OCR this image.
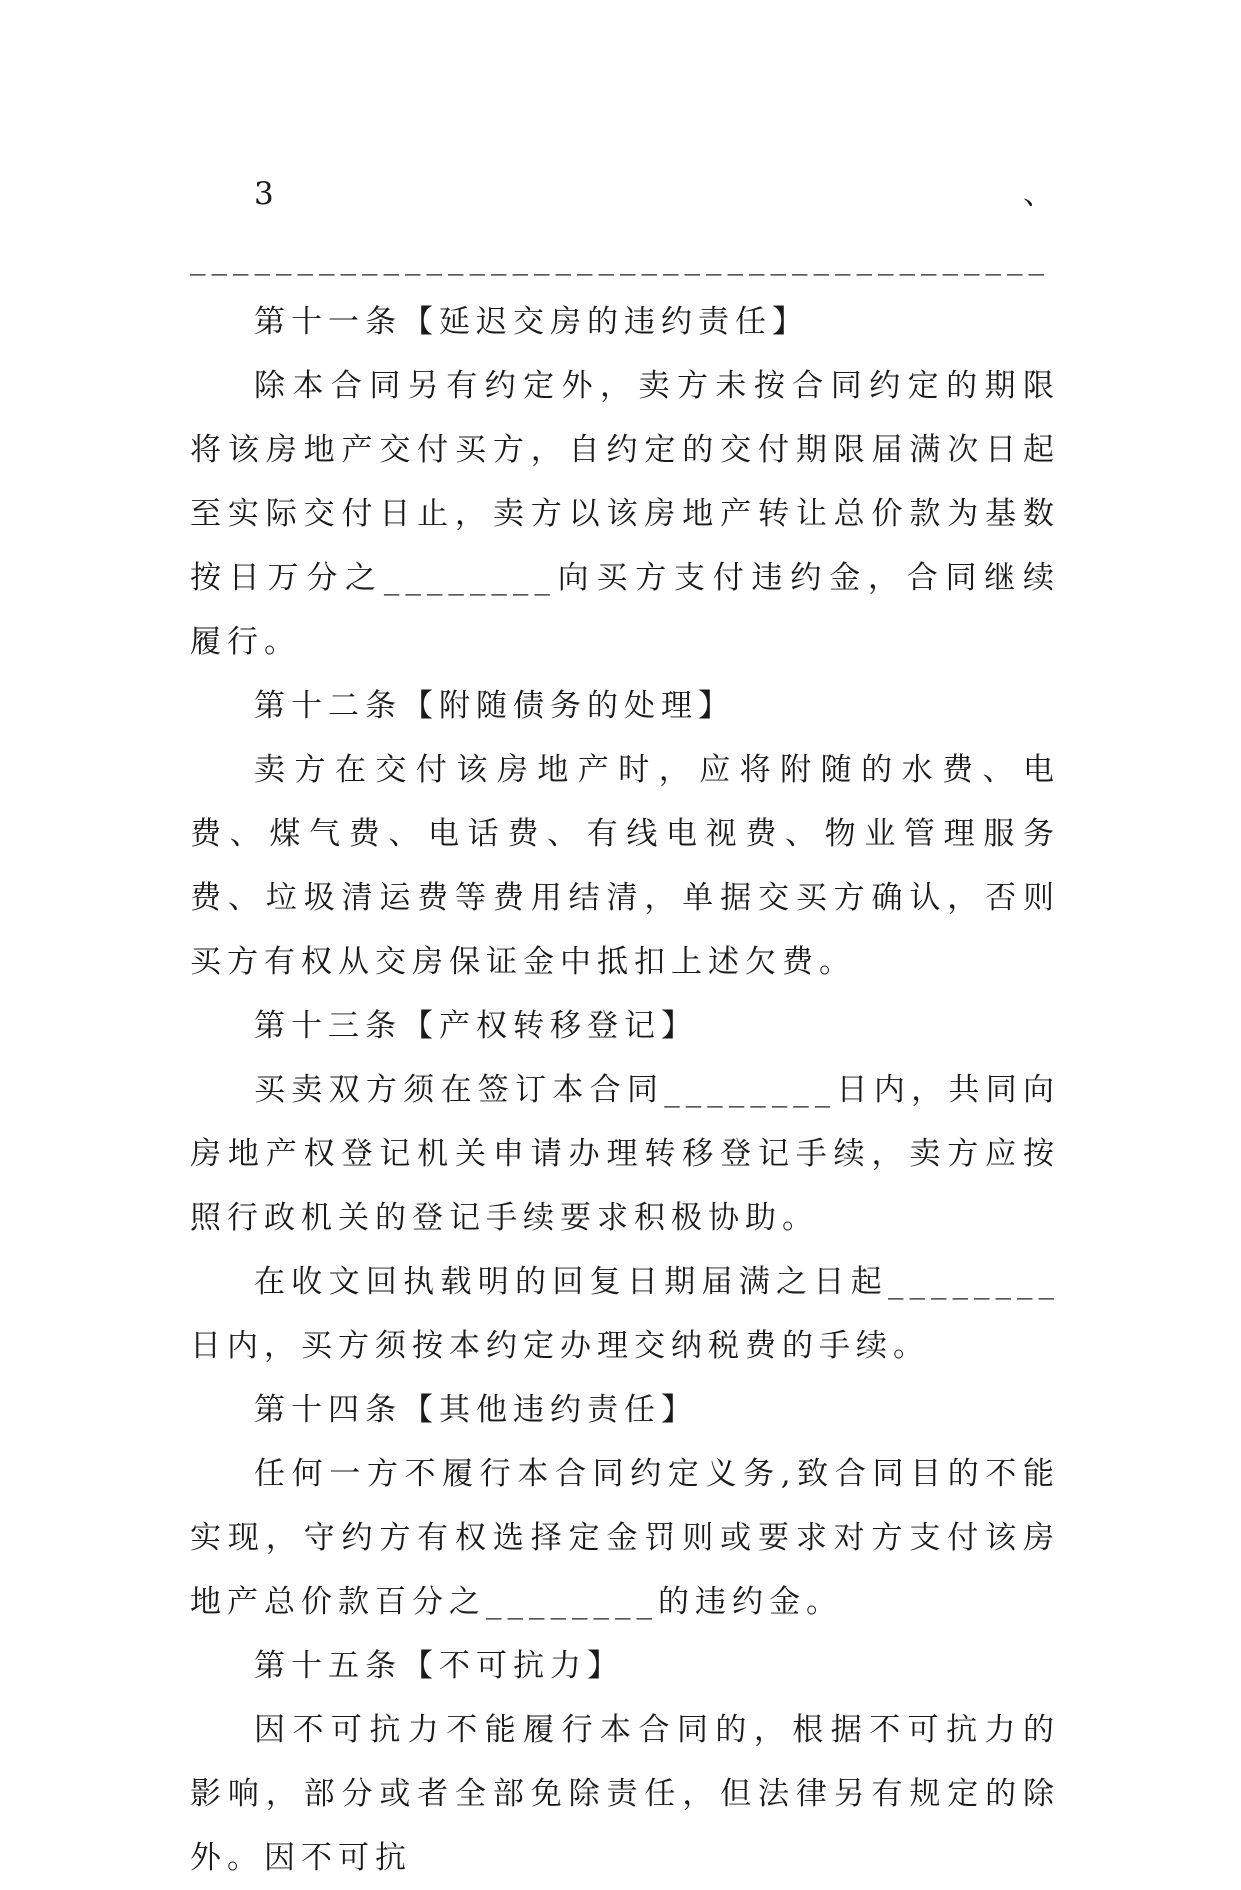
3、________________________________________

第十一条【延迟交房的违约责任】

除本合同另有约定外，卖方未按合同约定的期限将该房地产交付买方，自约定的交付期限届满次日起至实际交付日止，卖方以该房地产转让总价款为基数按日万分之________向买方支付违约金，合同继续履行。

第十二条【附随债务的处理】

卖方在交付该房地产时，应将附随的水费、电费、煤气费、电话费、有线电视费、物业管理服务费、垃圾清运费等费用结清，单据交买方确认，否则买方有权从交房保证金中抵扣上述欠费。

第十三条【产权转移登记】

买卖双方须在签订本合同________日内，共同向房地产权登记机关申请办理转移登记手续，卖方应按照行政机关的登记手续要求积极协助。

在收文回执载明的回复日期届满之日起________日内，买方须按本约定办理交纳税费的手续。

第十四条【其他违约责任】

任何一方不履行本合同约定义务,致合同目的不能实现，守约方有权选择定金罚则或要求对方支付该房地产总价款百分之________的违约金。

第十五条【不可抗力】

因不可抗力不能履行本合同的，根据不可抗力的影响，部分或者全部免除责任，但法律另有规定的除外。因不可抗
